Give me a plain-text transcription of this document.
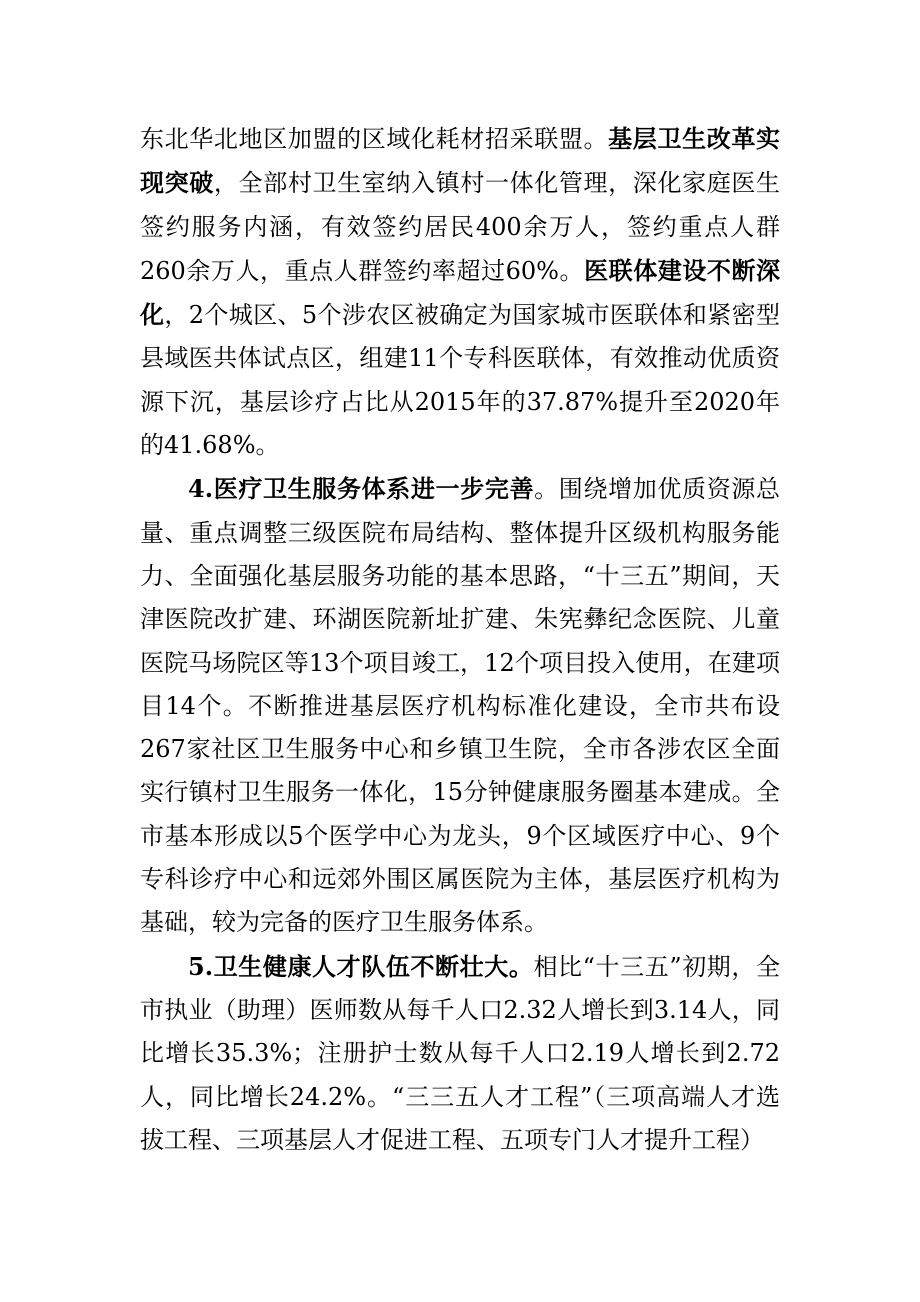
东北华北地区加盟的区域化耗材招采联盟。基层卫生改革实现突破，全部村卫生室纳入镇村一体化管理，深化家庭医生签约服务内涵，有效签约居民400余万人，签约重点人群260余万人，重点人群签约率超过60%。医联体建设不断深化，2个城区、5个涉农区被确定为国家城市医联体和紧密型县域医共体试点区，组建11个专科医联体，有效推动优质资源下沉，基层诊疗占比从2015年的37.87%提升至2020年的41.68%。

4.医疗卫生服务体系进一步完善。围绕增加优质资源总量、重点调整三级医院布局结构、整体提升区级机构服务能力、全面强化基层服务功能的基本思路，“十三五”期间，天津医院改扩建、环湖医院新址扩建、朱宪彝纪念医院、儿童医院马场院区等13个项目竣工，12个项目投入使用，在建项目14个。不断推进基层医疗机构标准化建设，全市共布设267家社区卫生服务中心和乡镇卫生院，全市各涉农区全面实行镇村卫生服务一体化，15分钟健康服务圈基本建成。全市基本形成以5个医学中心为龙头，9个区域医疗中心、9个专科诊疗中心和远郊外围区属医院为主体，基层医疗机构为基础，较为完备的医疗卫生服务体系。

5.卫生健康人才队伍不断壮大。相比“十三五”初期，全市执业（助理）医师数从每千人口2.32人增长到3.14人，同比增长35.3%；注册护士数从每千人口2.19人增长到2.72人，同比增长24.2%。“三三五人才工程”（三项高端人才选拔工程、三项基层人才促进工程、五项专门人才提升工程）
